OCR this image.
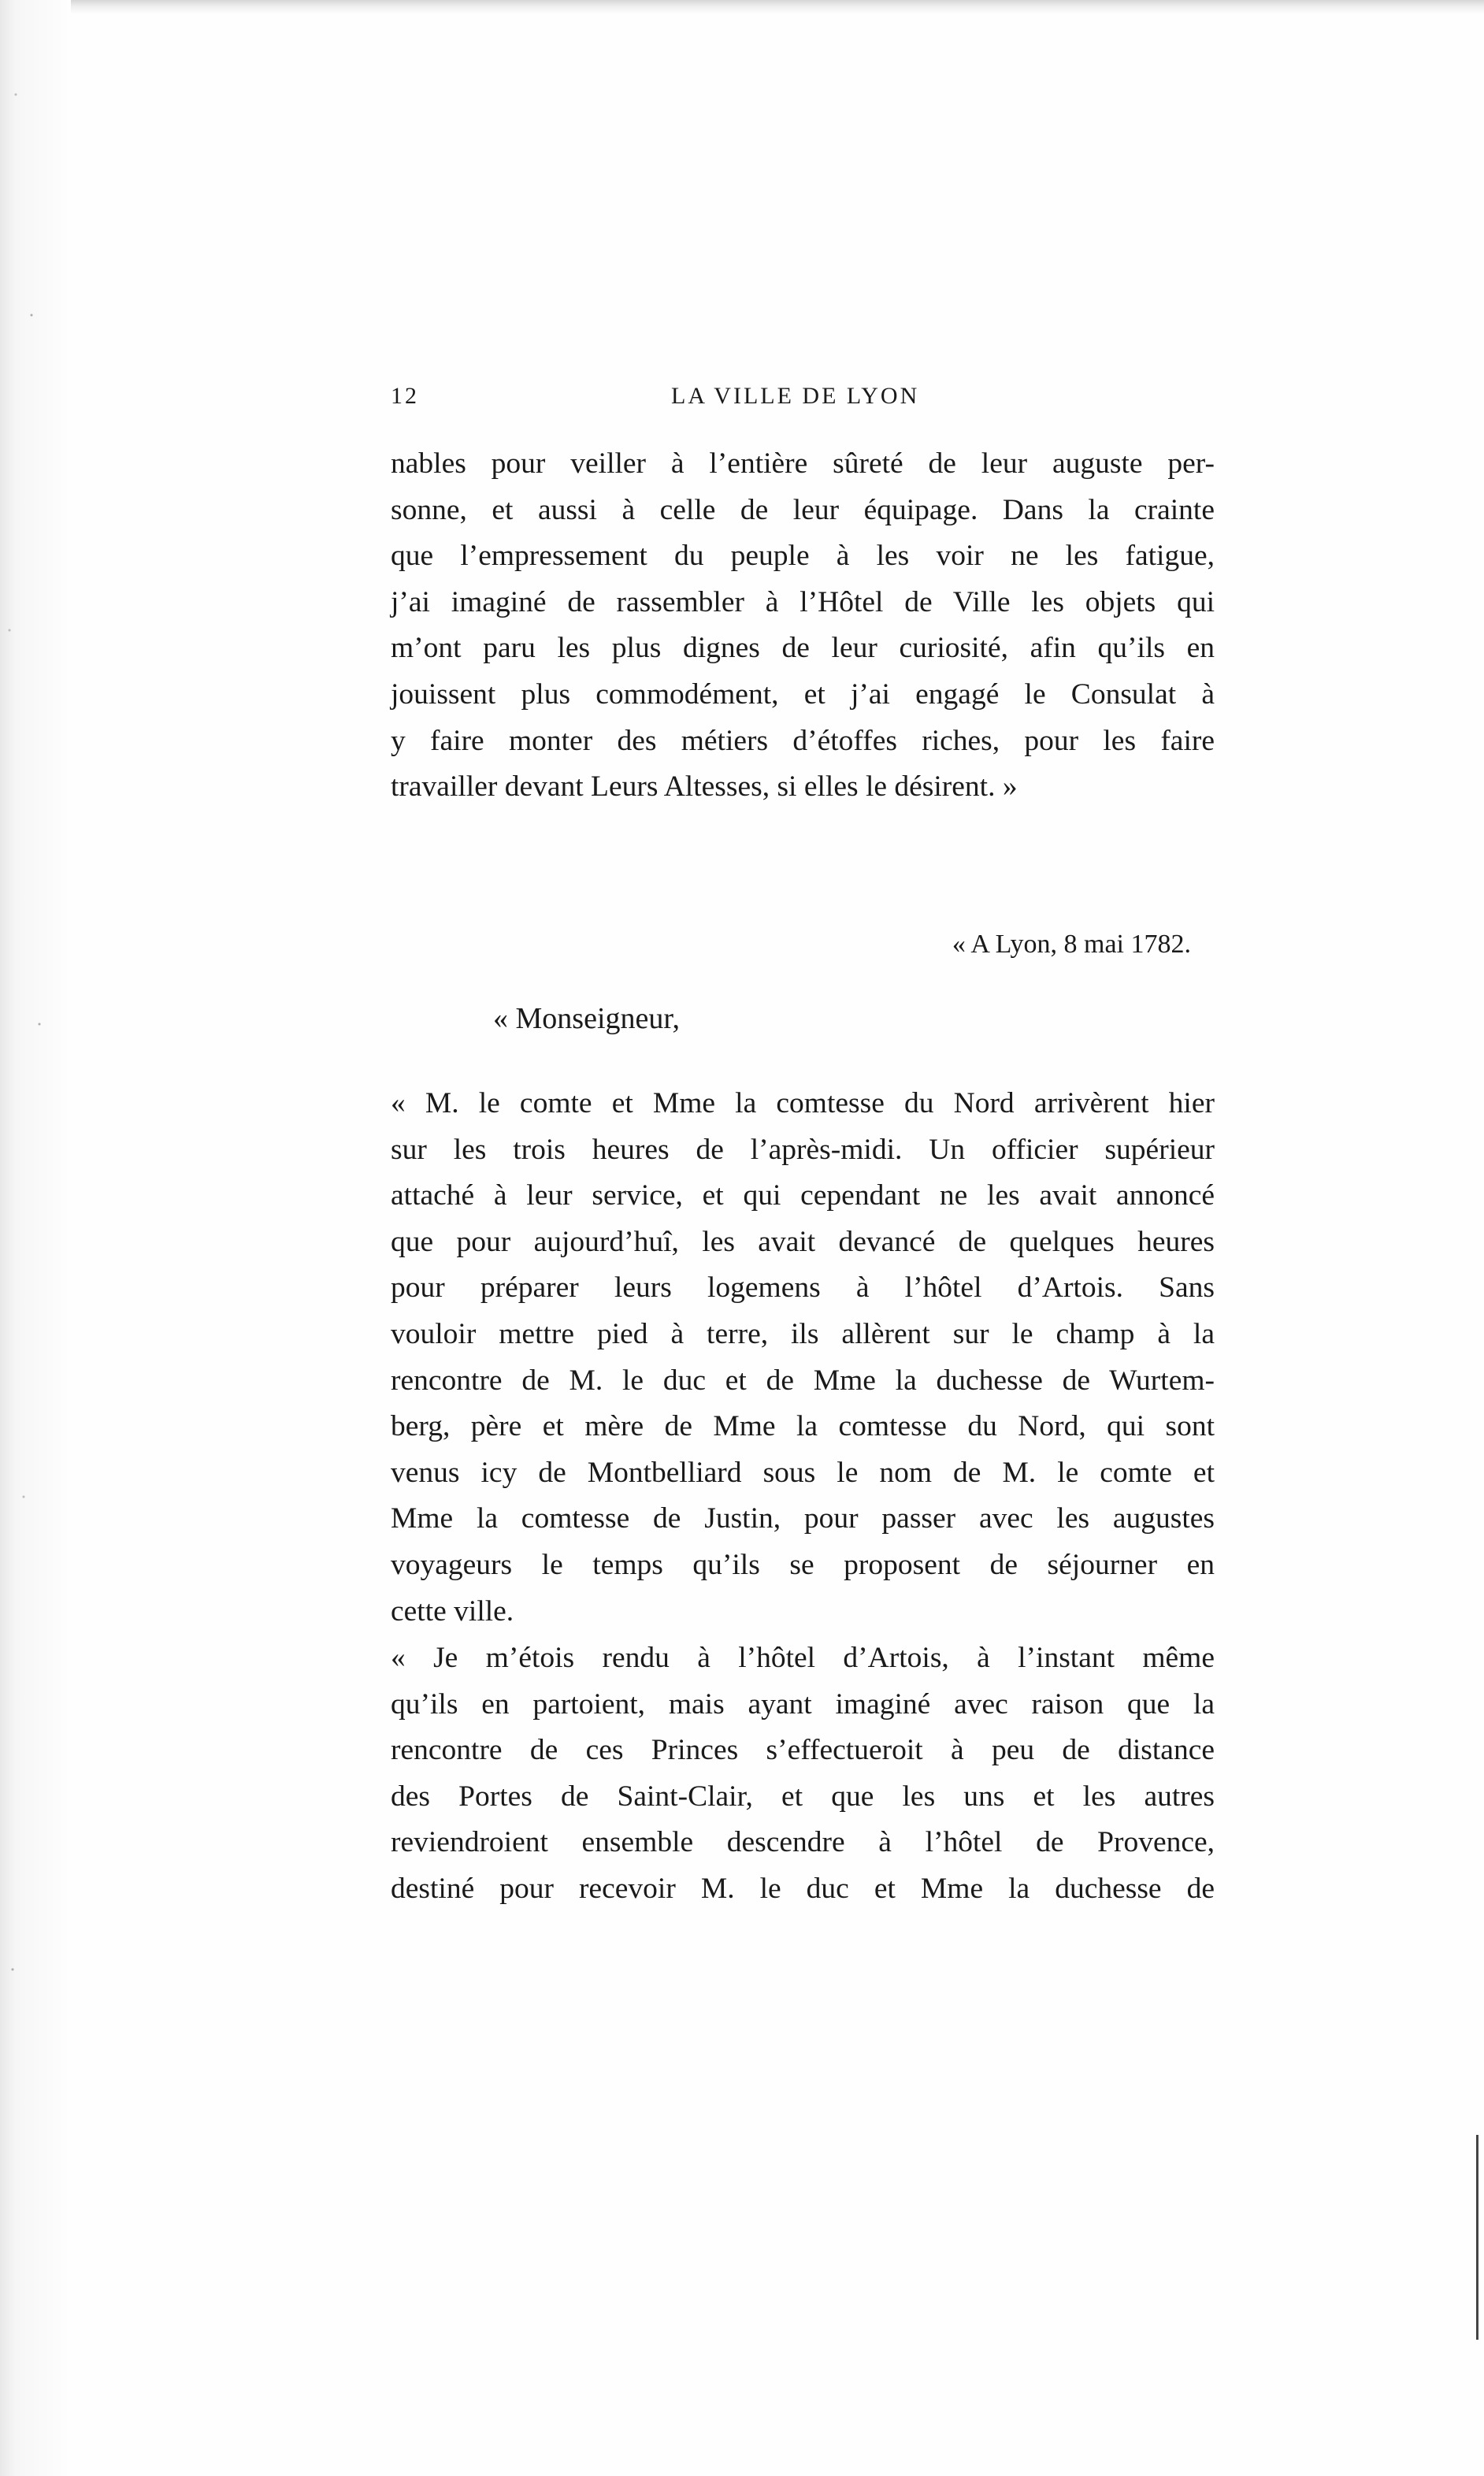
12	LA VILLE DE LYON
nables pour veiller à l’entière sûreté de leur auguste per-
sonne, et aussi à celle de leur équipage. Dans la crainte
que l’empressement du peuple à les voir ne les fatigue,
j’ai imaginé de rassembler à l’Hôtel de Ville les objets qui
m’ont paru les plus dignes de leur curiosité, afin qu’ils en
jouissent plus commodément, et j’ai engagé le Consulat à
y faire monter des métiers d’étoffes riches, pour les faire
travailler devant Leurs Altesses, si elles le désirent. »
« A Lyon, 8 mai 1782.
« Monseigneur,
« M. le comte et Mme la comtesse du Nord arrivèrent hier
sur les trois heures de l’après-midi. Un officier supérieur
attaché à leur service, et qui cependant ne les avait annoncé
que pour aujourd’huî, les avait devancé de quelques heures
pour préparer leurs logemens à l’hôtel d’Artois. Sans
vouloir mettre pied à terre, ils allèrent sur le champ à la
rencontre de M. le duc et de Mme la duchesse de Wurtem-
berg, père et mère de Mme la comtesse du Nord, qui sont
venus icy de Montbelliard sous le nom de M. le comte et
Mme la comtesse de Justin, pour passer avec les augustes
voyageurs le temps qu’ils se proposent de séjourner en
cette ville.
« Je m’étois rendu à l’hôtel d’Artois, à l’instant même
qu’ils en partoient, mais ayant imaginé avec raison que la
rencontre de ces Princes s’effectueroit à peu de distance
des Portes de Saint-Clair, et que les uns et les autres
reviendroient ensemble descendre à l’hôtel de Provence,
destiné pour recevoir M. le duc et Mme la duchesse de
